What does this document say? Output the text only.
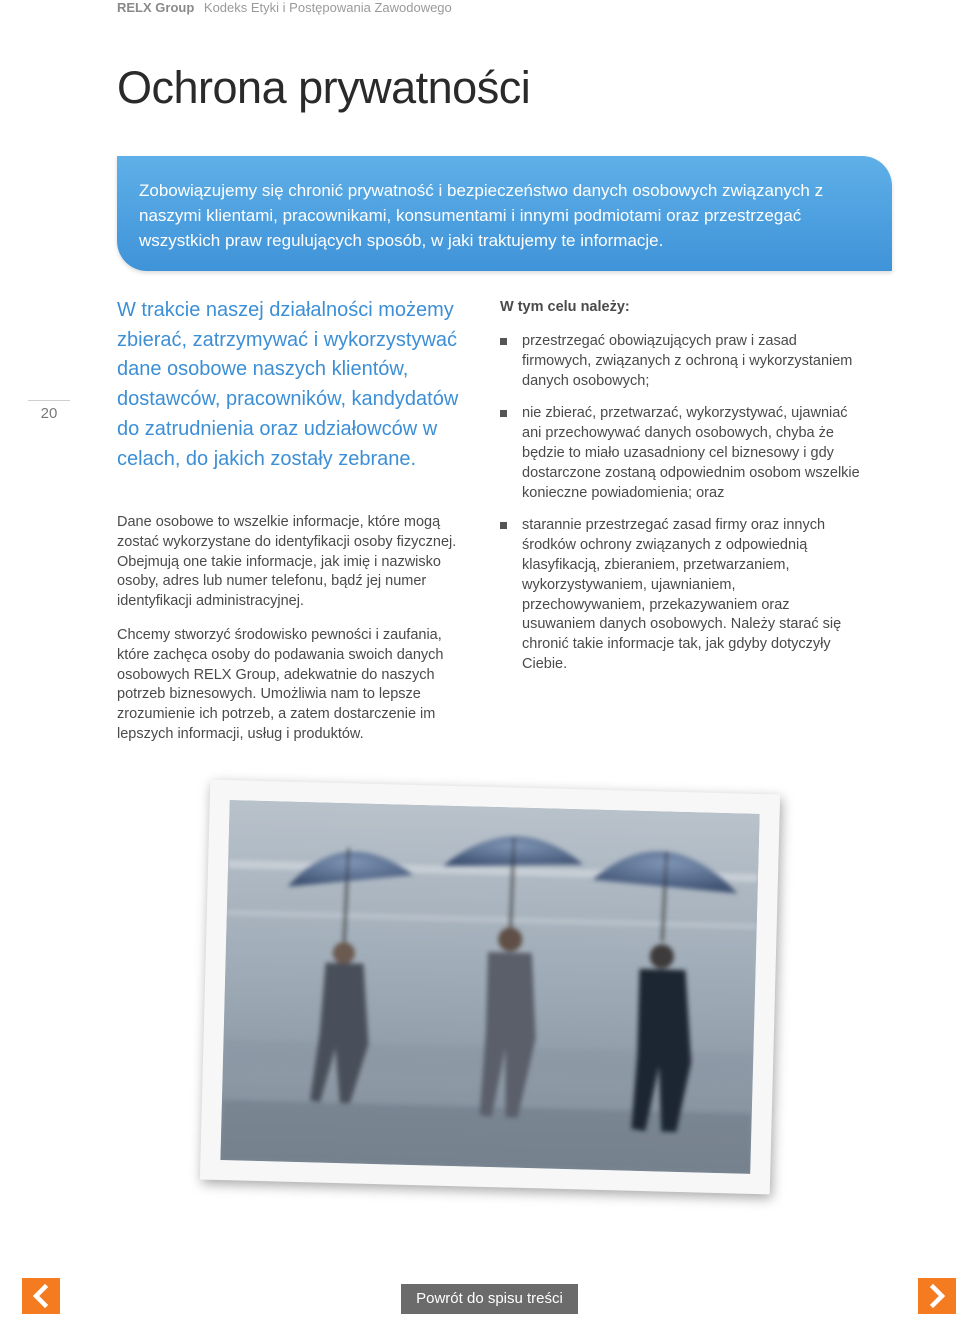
RELX Group Kodeks Etyki i Postępowania Zawodowego
Ochrona prywatności

Zobowiązujemy się chronić prywatność i bezpieczeństwo danych osobowych związanych z naszymi klientami, pracownikami, konsumentami i innymi podmiotami oraz przestrzegać wszystkich praw regulujących sposób, w jaki traktujemy te informacje.

20

W trakcie naszej działalności możemy zbierać, zatrzymywać i wykorzystywać dane osobowe naszych klientów, dostawców, pracowników, kandydatów do zatrudnienia oraz udziałowców w celach, do jakich zostały zebrane.

Dane osobowe to wszelkie informacje, które mogą zostać wykorzystane do identyfikacji osoby fizycznej. Obejmują one takie informacje, jak imię i nazwisko osoby, adres lub numer telefonu, bądź jej numer identyfikacji administracyjnej.

Chcemy stworzyć środowisko pewności i zaufania, które zachęca osoby do podawania swoich danych osobowych RELX Group, adekwatnie do naszych potrzeb biznesowych. Umożliwia nam to lepsze zrozumienie ich potrzeb, a zatem dostarczenie im lepszych informacji, usług i produktów.

W tym celu należy:

przestrzegać obowiązujących praw i zasad firmowych, związanych z ochroną i wykorzystaniem danych osobowych;
nie zbierać, przetwarzać, wykorzystywać, ujawniać ani przechowywać danych osobowych, chyba że będzie to miało uzasadniony cel biznesowy i gdy dostarczone zostaną odpowiednim osobom wszelkie konieczne powiadomienia; oraz
starannie przestrzegać zasad firmy oraz innych środków ochrony związanych z odpowiednią klasyfikacją, zbieraniem, przetwarzaniem, wykorzystywaniem, ujawnianiem, przechowywaniem, przekazywaniem oraz usuwaniem danych osobowych. Należy starać się chronić takie informacje tak, jak gdyby dotyczyły Ciebie.
Powrót do spisu treści
